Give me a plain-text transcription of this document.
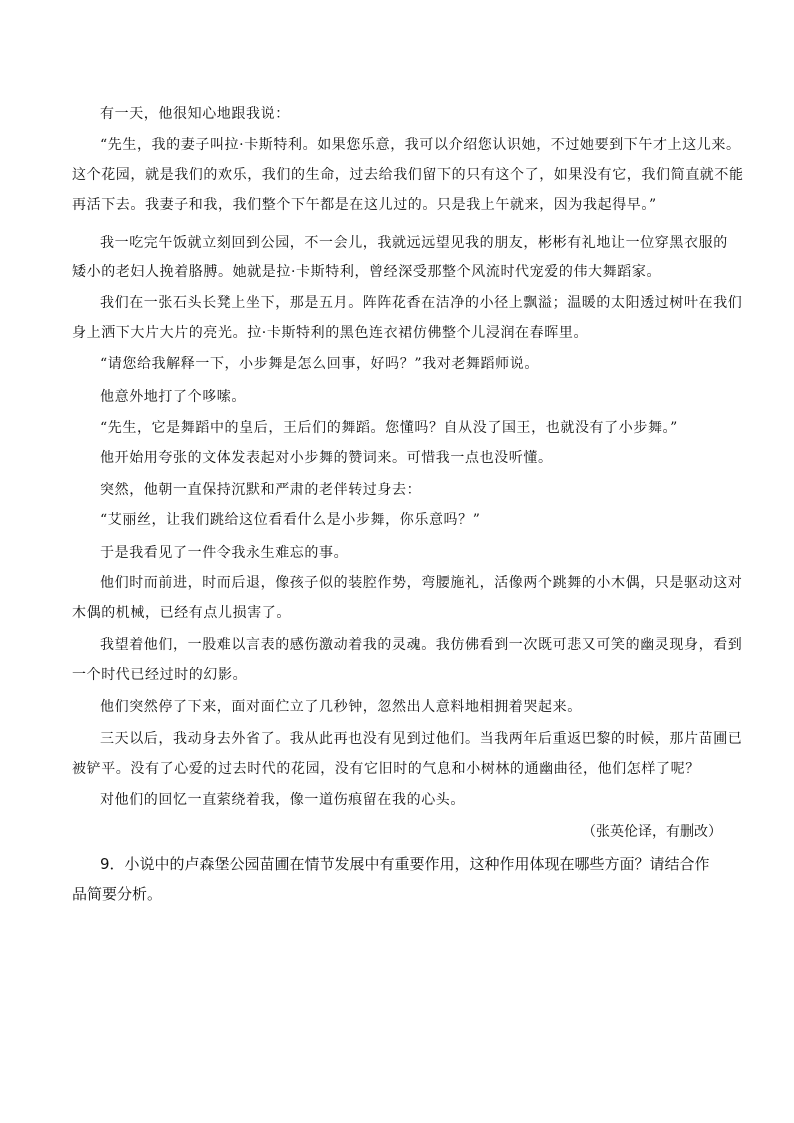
有一天，他很知心地跟我说：
“先生，我的妻子叫拉·卡斯特利。如果您乐意，我可以介绍您认识她，不过她要到下午才上这儿来。
这个花园，就是我们的欢乐，我们的生命，过去给我们留下的只有这个了，如果没有它，我们简直就不能
再活下去。我妻子和我，我们整个下午都是在这儿过的。只是我上午就来，因为我起得早。”
我一吃完午饭就立刻回到公园，不一会儿，我就远远望见我的朋友，彬彬有礼地让一位穿黑衣服的
矮小的老妇人挽着胳膊。她就是拉·卡斯特利，曾经深受那整个风流时代宠爱的伟大舞蹈家。
我们在一张石头长凳上坐下，那是五月。阵阵花香在洁净的小径上飘溢；温暖的太阳透过树叶在我们
身上洒下大片大片的亮光。拉·卡斯特利的黑色连衣裙仿佛整个儿浸润在春晖里。
“请您给我解释一下，小步舞是怎么回事，好吗？”我对老舞蹈师说。
他意外地打了个哆嗦。
“先生，它是舞蹈中的皇后，王后们的舞蹈。您懂吗？自从没了国王，也就没有了小步舞。”
他开始用夸张的文体发表起对小步舞的赞词来。可惜我一点也没听懂。
突然，他朝一直保持沉默和严肃的老伴转过身去：
“艾丽丝，让我们跳给这位看看什么是小步舞，你乐意吗？”
于是我看见了一件令我永生难忘的事。
他们时而前进，时而后退，像孩子似的装腔作势，弯腰施礼，活像两个跳舞的小木偶，只是驱动这对
木偶的机械，已经有点儿损害了。
我望着他们，一股难以言表的感伤激动着我的灵魂。我仿佛看到一次既可悲又可笑的幽灵现身，看到
一个时代已经过时的幻影。
他们突然停了下来，面对面伫立了几秒钟，忽然出人意料地相拥着哭起来。
三天以后，我动身去外省了。我从此再也没有见到过他们。当我两年后重返巴黎的时候，那片苗圃已
被铲平。没有了心爱的过去时代的花园，没有它旧时的气息和小树林的通幽曲径，他们怎样了呢？
对他们的回忆一直萦绕着我，像一道伤痕留在我的心头。
（张英伦译，有删改）
9．小说中的卢森堡公园苗圃在情节发展中有重要作用，这种作用体现在哪些方面？请结合作品简要分析。
